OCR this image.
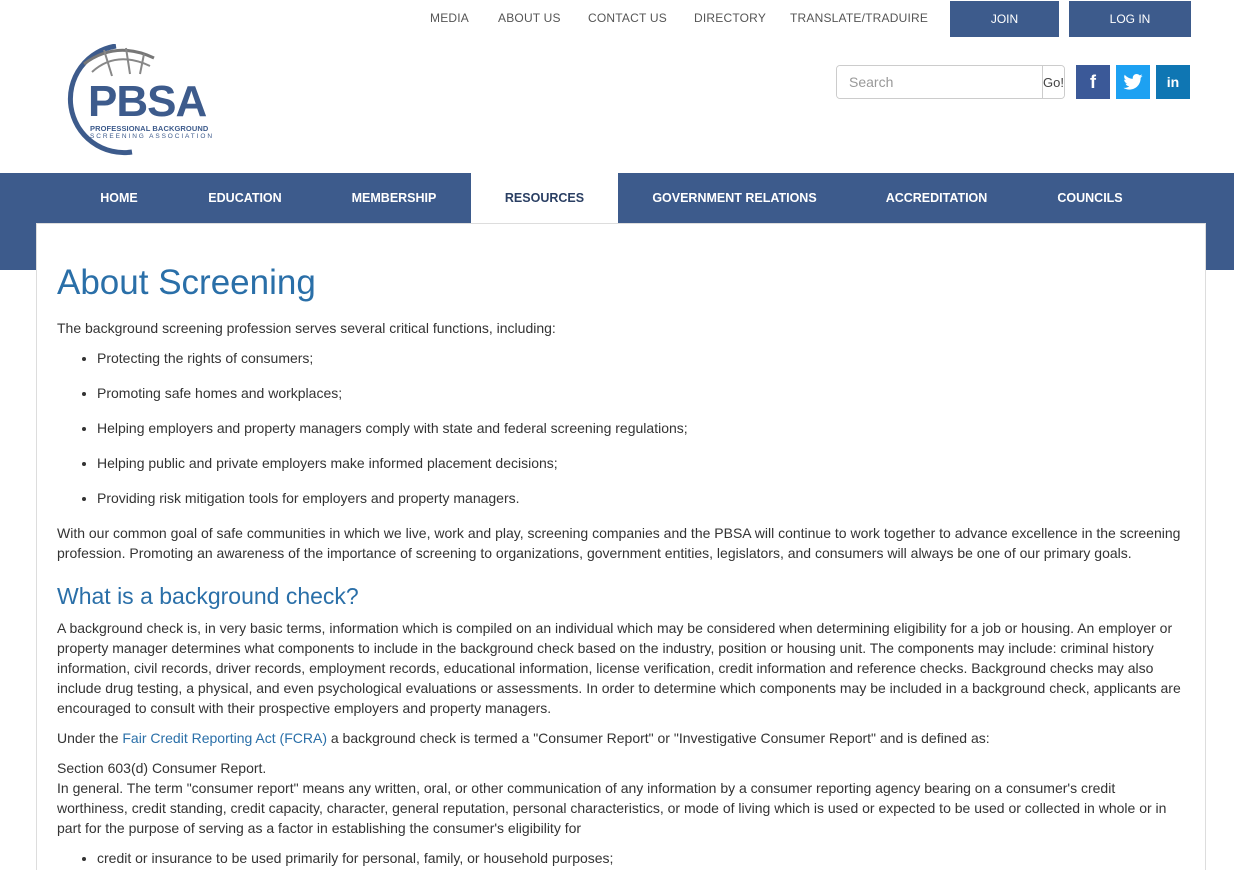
MEDIA ABOUT US CONTACT US DIRECTORY TRANSLATE/TRADUIRE	JOIN	LOG IN
PBSA
PROFESSIONAL BACKGROUND
SCREENING ASSOCIATION
Search
Go! f	in
HOME	EDUCATION	MEMBERSHIP	RESOURCES	GOVERNMENT RELATIONS	ACCREDITATION	COUNCILS
About Screening

The background screening profession serves several critical functions, including:

• Protecting the rights of consumers;
• Promoting safe homes and workplaces;
• Helping employers and property managers comply with state and federal screening regulations;
• Helping public and private employers make informed placement decisions;
• Providing risk mitigation tools for employers and property managers.

With our common goal of safe communities in which we live, work and play, screening companies and the PBSA will continue to work together to advance excellence in the screening profession. Promoting an awareness of the importance of screening to organizations, government entities, legislators, and consumers will always be one of our primary goals.

What is a background check?

A background check is, in very basic terms, information which is compiled on an individual which may be considered when determining eligibility for a job or housing. An employer or property manager determines what components to include in the background check based on the industry, position or housing unit. The components may include: criminal history information, civil records, driver records, employment records, educational information, license verification, credit information and reference checks. Background checks may also include drug testing, a physical, and even psychological evaluations or assessments. In order to determine which components may be included in a background check, applicants are encouraged to consult with their prospective employers and property managers.

Under the Fair Credit Reporting Act (FCRA) a background check is termed a "Consumer Report" or "Investigative Consumer Report" and is defined as:

Section 603(d) Consumer Report.

In general. The term "consumer report" means any written, oral, or other communication of any information by a consumer reporting agency bearing on a consumer's credit worthiness, credit standing, credit capacity, character, general reputation, personal characteristics, or mode of living which is used or expected to be used or collected in whole or in part for the purpose of serving as a factor in establishing the consumer's eligibility for

• credit or insurance to be used primarily for personal, family, or household purposes;
